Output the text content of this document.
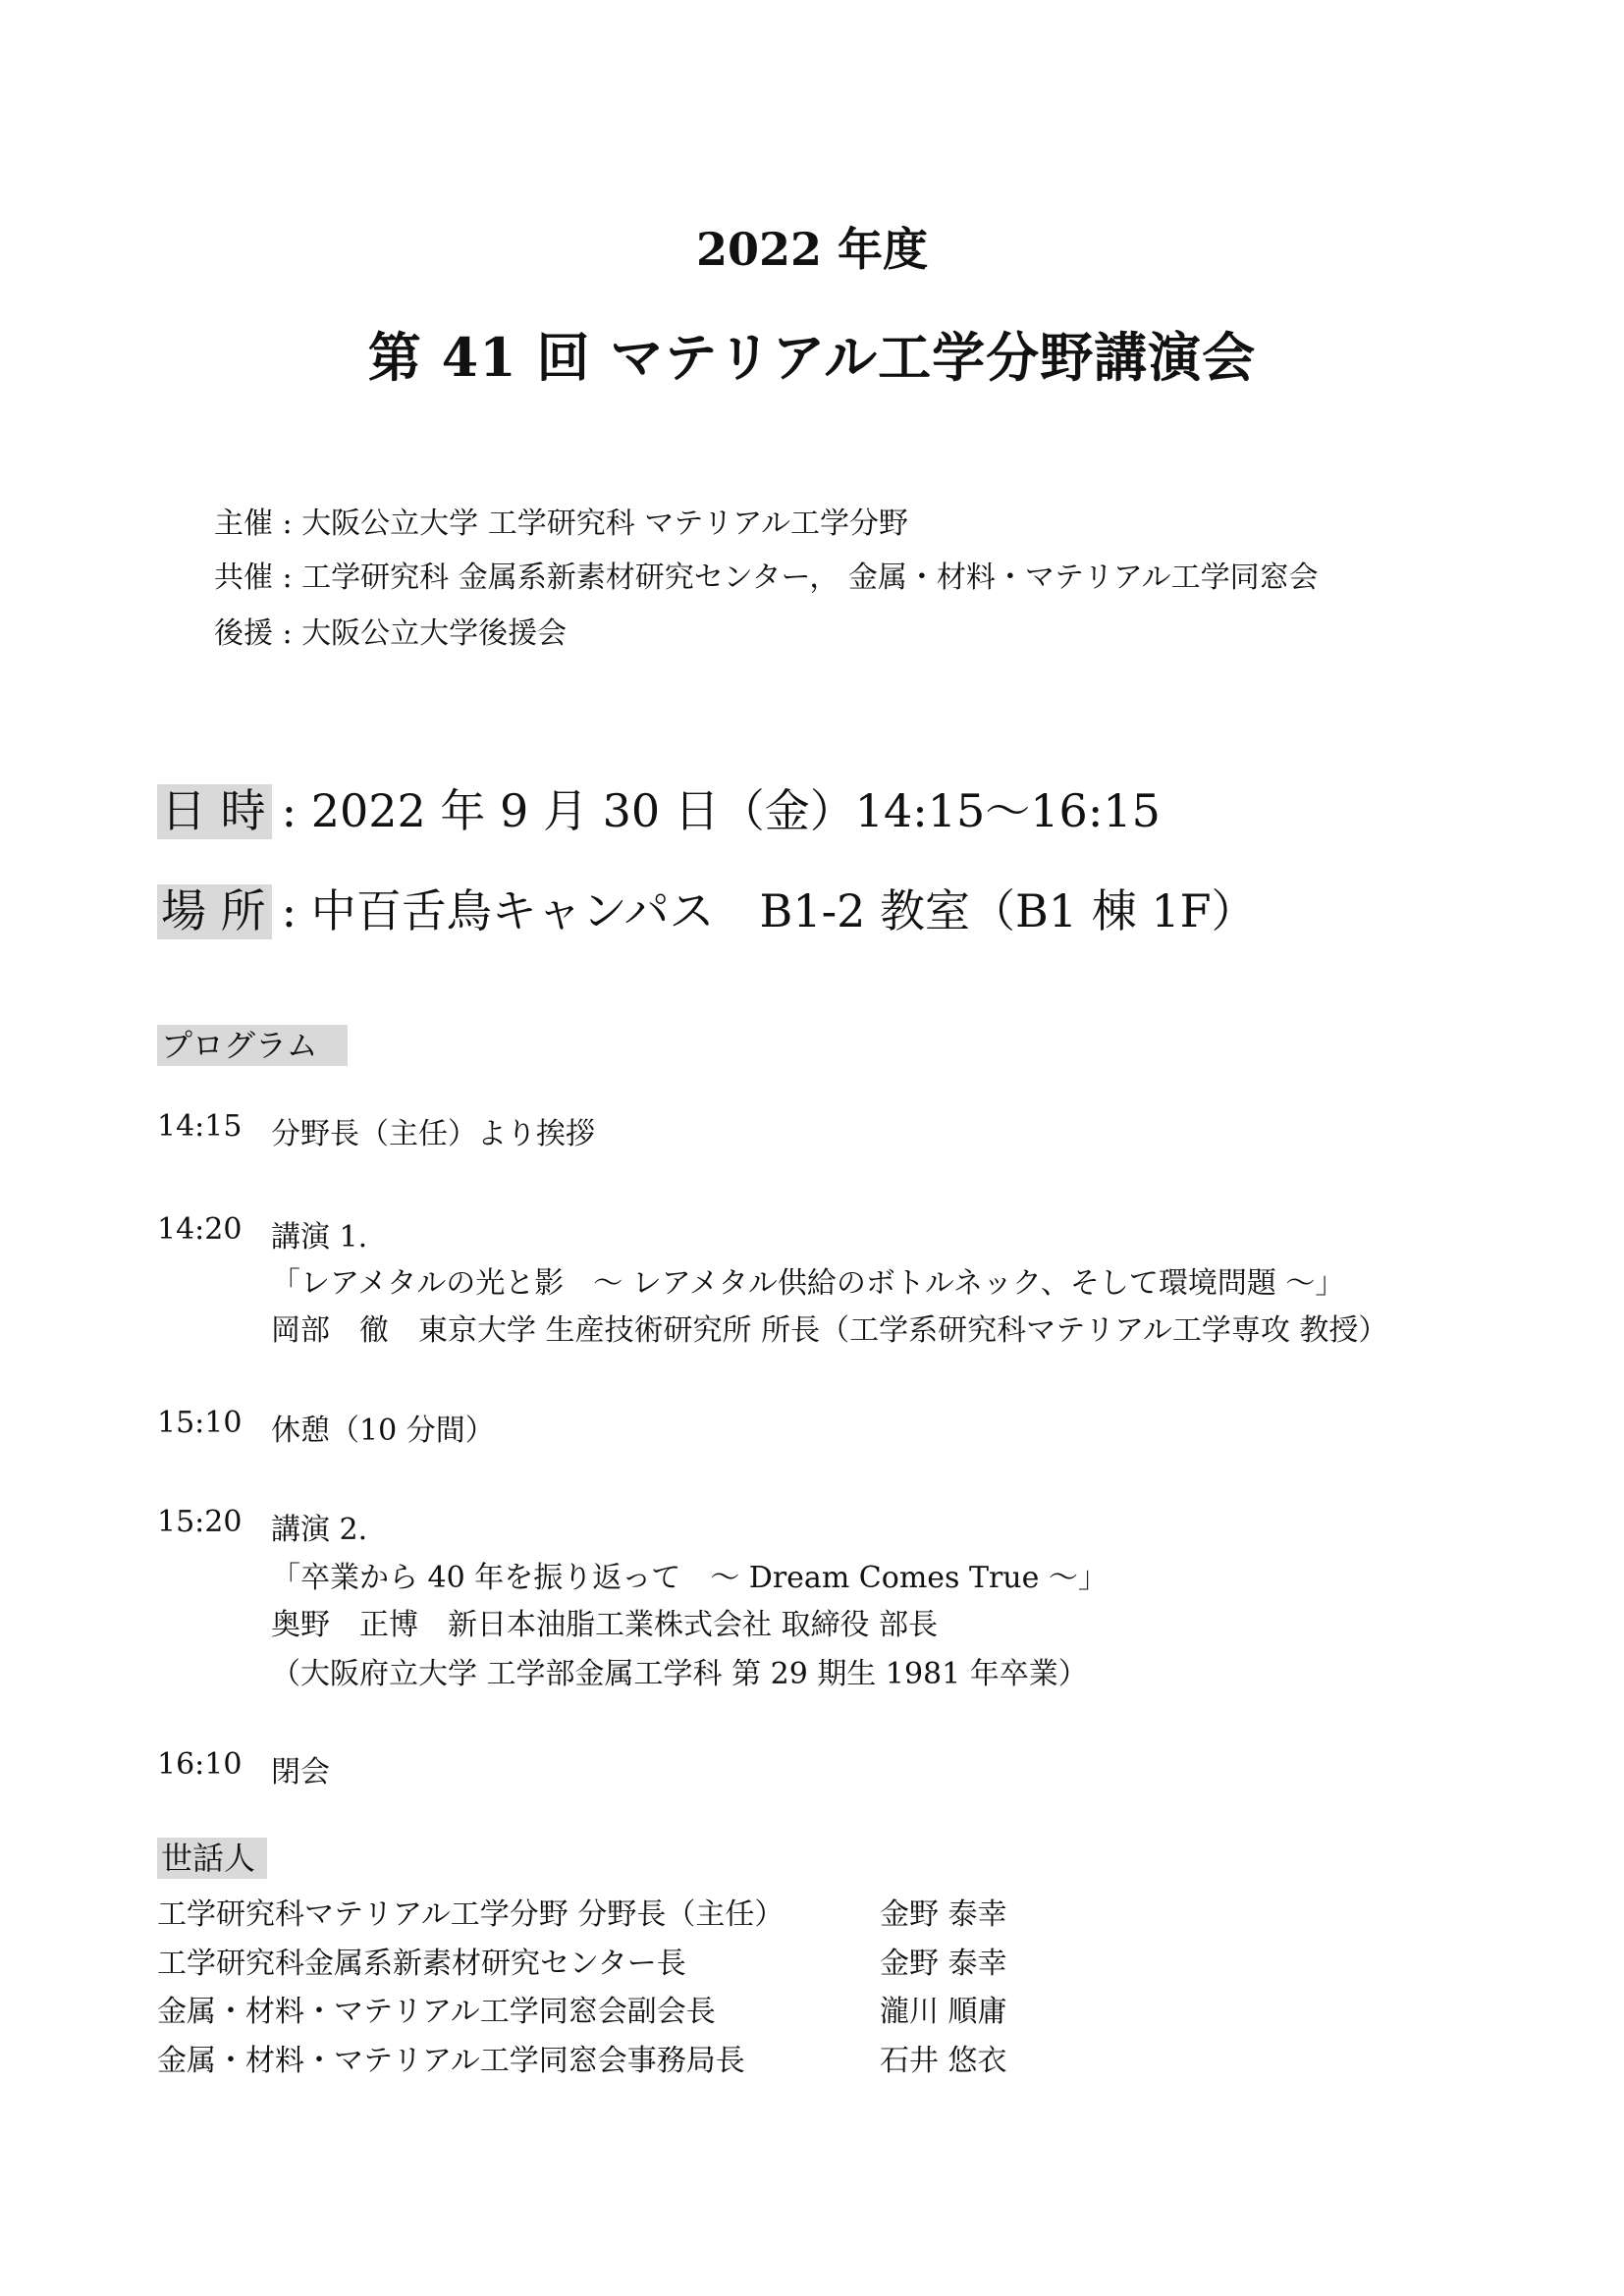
2022 年度
第 41 回 マテリアル工学分野講演会
主催 : 大阪公立大学 工学研究科 マテリアル工学分野
共催 : 工学研究科 金属系新素材研究センター， 金属・材料・マテリアル工学同窓会
後援 : 大阪公立大学後援会
日 時 : 2022 年 9 月 30 日（金）14:15～16:15
場 所 : 中百舌鳥キャンパス　B1-2 教室（B1 棟 1F）
プログラム
14:15 分野長（主任）より挨拶
14:20 講演 1.
「レアメタルの光と影　～ レアメタル供給のボトルネック、そして環境問題 ～」
岡部　徹　東京大学 生産技術研究所 所長（工学系研究科マテリアル工学専攻 教授）
15:10 休憩（10 分間）
15:20 講演 2.
「卒業から 40 年を振り返って　～ Dream Comes True ～」
奥野　正博　新日本油脂工業株式会社 取締役 部長
（大阪府立大学 工学部金属工学科 第 29 期生 1981 年卒業）
16:10 閉会
世話人
工学研究科マテリアル工学分野 分野長（主任）	金野 泰幸
工学研究科金属系新素材研究センター長	金野 泰幸
金属・材料・マテリアル工学同窓会副会長	瀧川 順庸
金属・材料・マテリアル工学同窓会事務局長	石井 悠衣
